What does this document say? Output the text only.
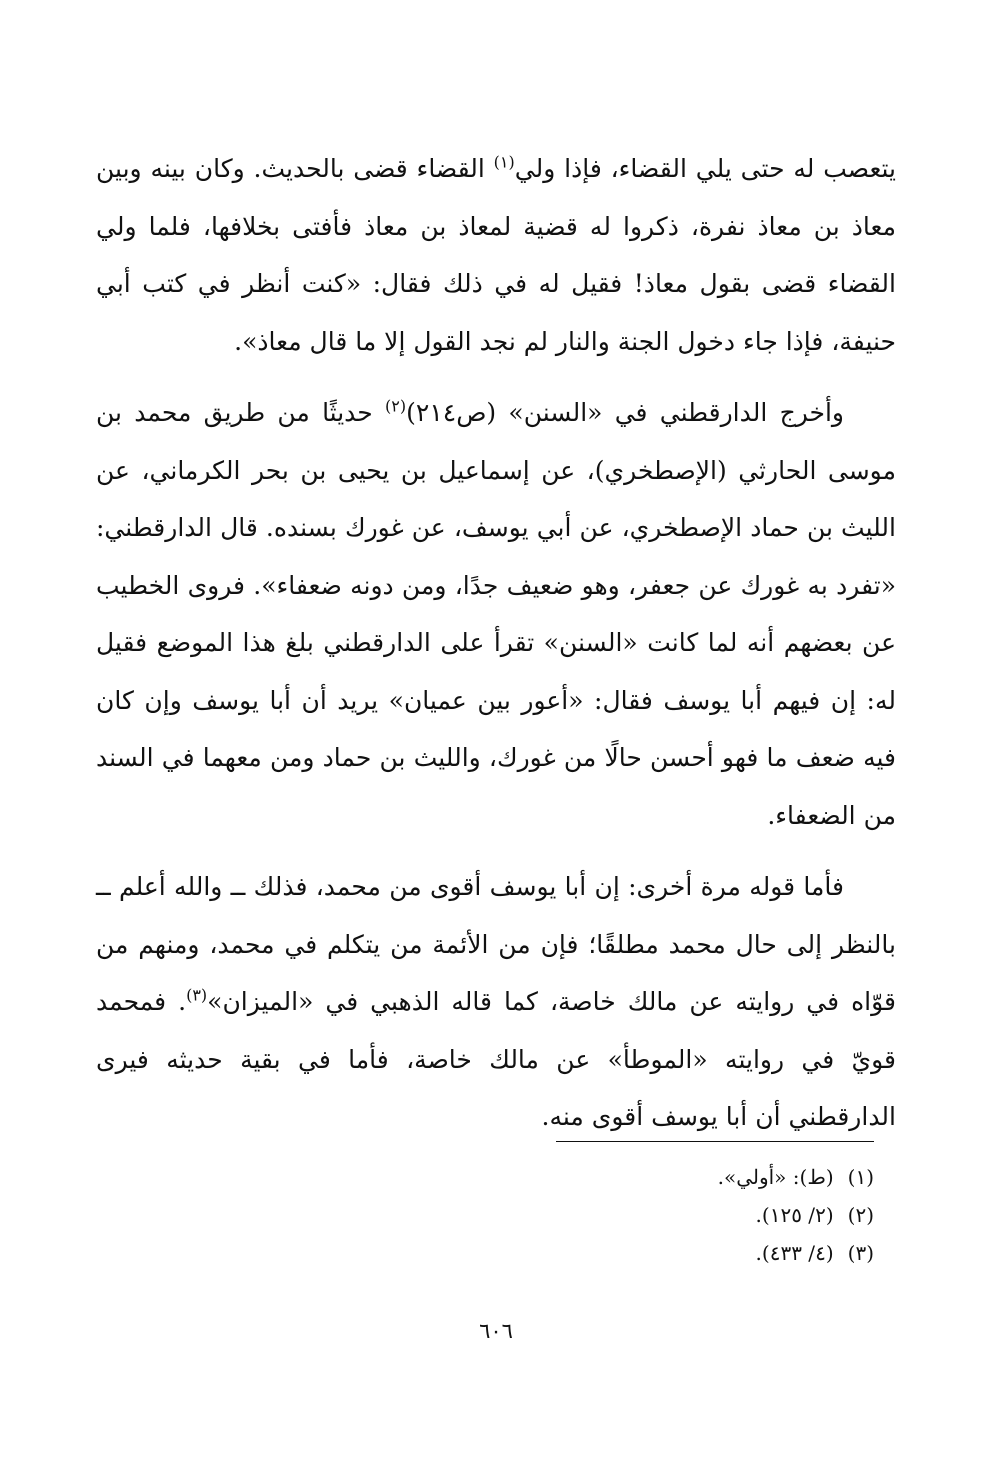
يتعصب له حتى يلي القضاء، فإذا ولي$^{(١)}$ القضاء قضى بالحديث. وكان بينه وبين معاذ بن معاذ نفرة، ذكروا له قضية لمعاذ بن معاذ فأفتى بخلافها، فلما ولي القضاء قضى بقول معاذ! فقيل له في ذلك فقال: «كنت أنظر في كتب أبي حنيفة، فإذا جاء دخول الجنة والنار لم نجد القول إلا ما قال معاذ».

وأخرج الدارقطني في «السنن» (ص٢١٤)$^{(٢)}$ حديثًا من طريق محمد بن موسى الحارثي (الإصطخري)، عن إسماعيل بن يحيى بن بحر الكرماني، عن الليث بن حماد الإصطخري، عن أبي يوسف، عن غورك بسنده. قال الدارقطني: «تفرد به غورك عن جعفر، وهو ضعيف جدًا، ومن دونه ضعفاء». فروى الخطيب عن بعضهم أنه لما كانت «السنن» تقرأ على الدارقطني بلغ هذا الموضع فقيل له: إن فيهم أبا يوسف فقال: «أعور بين عميان» يريد أن أبا يوسف وإن كان فيه ضعف ما فهو أحسن حالًا من غورك، والليث بن حماد ومن معهما في السند من الضعفاء.

فأما قوله مرة أخرى: إن أبا يوسف أقوى من محمد، فذلك ــ والله أعلم ــ بالنظر إلى حال محمد مطلقًا؛ فإن من الأئمة من يتكلم في محمد، ومنهم من قوّاه في روايته عن مالك خاصة، كما قاله الذهبي في «الميزان»$^{(٣)}$. فمحمد قويّ في روايته «الموطأ» عن مالك خاصة، فأما في بقية حديثه فيرى الدارقطني أن أبا يوسف أقوى منه.

(١)(ط): «أولي».
(٢)(٢/ ١٢٥).
(٣)(٤/ ٤٣٣).
٦٠٦
